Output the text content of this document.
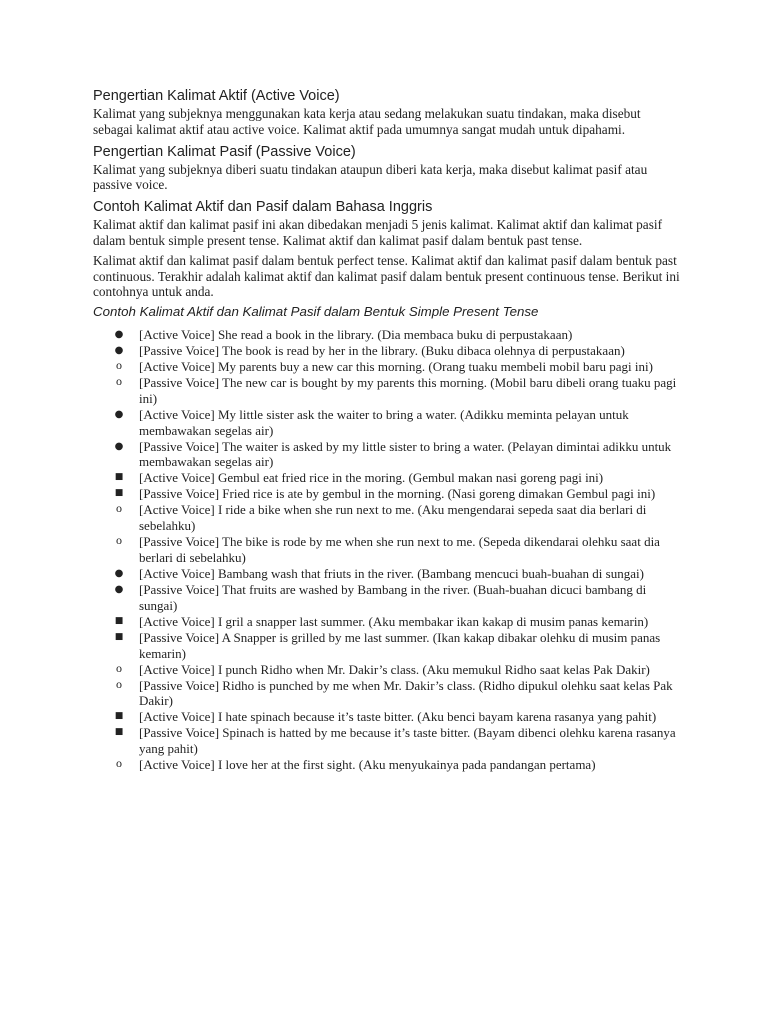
Pengertian Kalimat Aktif (Active Voice)

Kalimat yang subjeknya menggunakan kata kerja atau sedang melakukan suatu tindakan, maka disebut sebagai kalimat aktif atau active voice. Kalimat aktif pada umumnya sangat mudah untuk dipahami.

Pengertian Kalimat Pasif (Passive Voice)

Kalimat yang subjeknya diberi suatu tindakan ataupun diberi kata kerja, maka disebut kalimat pasif atau passive voice.

Contoh Kalimat Aktif dan Pasif dalam Bahasa Inggris

Kalimat aktif dan kalimat pasif ini akan dibedakan menjadi 5 jenis kalimat. Kalimat aktif dan kalimat pasif dalam bentuk simple present tense. Kalimat aktif dan kalimat pasif dalam bentuk past tense.

Kalimat aktif dan kalimat pasif dalam bentuk perfect tense. Kalimat aktif dan kalimat pasif dalam bentuk past continuous. Terakhir adalah kalimat aktif dan kalimat pasif dalam bentuk present continuous tense. Berikut ini contohnya untuk anda.

Contoh Kalimat Aktif dan Kalimat Pasif dalam Bentuk Simple Present Tense
● [Active Voice] She read a book in the library. (Dia membaca buku di perpustakaan)
● [Passive Voice] The book is read by her in the library. (Buku dibaca olehnya di perpustakaan)
o [Active Voice] My parents buy a new car this morning. (Orang tuaku membeli mobil baru pagi ini)
o [Passive Voice] The new car is bought by my parents this morning. (Mobil baru dibeli orang tuaku pagi ini)
● [Active Voice] My little sister ask the waiter to bring a water. (Adikku meminta pelayan untuk membawakan segelas air)
● [Passive Voice] The waiter is asked by my little sister to bring a water. (Pelayan dimintai adikku untuk membawakan segelas air)
■ [Active Voice] Gembul eat fried rice in the moring. (Gembul makan nasi goreng pagi ini)
■ [Passive Voice] Fried rice is ate by gembul in the morning. (Nasi goreng dimakan Gembul pagi ini)
o [Active Voice] I ride a bike when she run next to me. (Aku mengendarai sepeda saat dia berlari di sebelahku)
o [Passive Voice] The bike is rode by me when she run next to me. (Sepeda dikendarai olehku saat dia berlari di sebelahku)
● [Active Voice] Bambang wash that friuts in the river. (Bambang mencuci buah-buahan di sungai)
● [Passive Voice] That fruits are washed by Bambang in the river. (Buah-buahan dicuci bambang di sungai)
■ [Active Voice] I gril a snapper last summer. (Aku membakar ikan kakap di musim panas kemarin)
■ [Passive Voice] A Snapper is grilled by me last summer. (Ikan kakap dibakar olehku di musim panas kemarin)
o [Active Voice] I punch Ridho when Mr. Dakir’s class. (Aku memukul Ridho saat kelas Pak Dakir)
o [Passive Voice] Ridho is punched by me when Mr. Dakir’s class. (Ridho dipukul olehku saat kelas Pak Dakir)
■ [Active Voice] I hate spinach because it’s taste bitter. (Aku benci bayam karena rasanya yang pahit)
■ [Passive Voice] Spinach is hatted by me because it’s taste bitter. (Bayam dibenci olehku karena rasanya yang pahit)
o [Active Voice] I love her at the first sight. (Aku menyukainya pada pandangan pertama)
